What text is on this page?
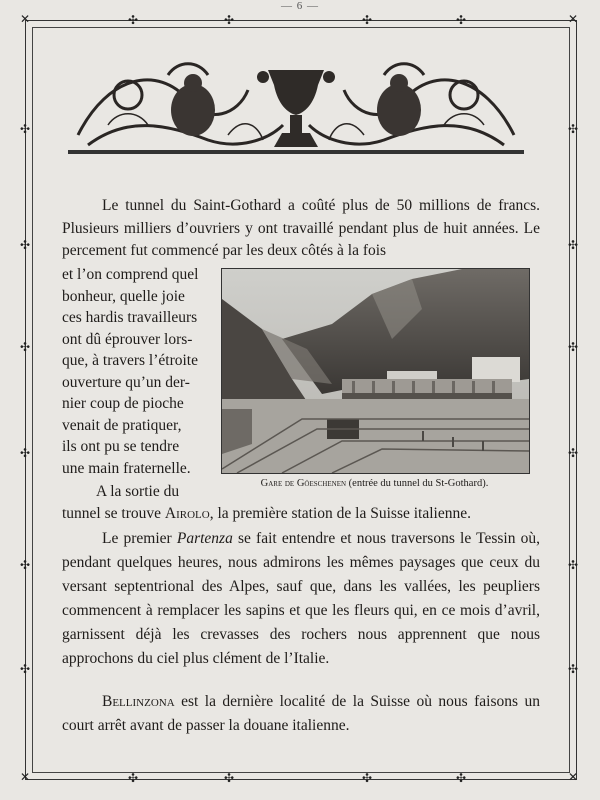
— 6 —
✕	✕
✕	✕
✣	✣	✣	✣
✣	✣	✣	✣
✣
✣
✣
✣
✣
✣
✣
✣
✣
✣
✣
✣
Le tunnel du Saint-Gothard a coûté plus de 50 millions de francs. Plusieurs milliers d’ouvriers y ont travaillé pendant plus de huit années. Le percement fut commencé par les deux côtés à la fois
et l’on comprend quel
bonheur, quelle joie
ces hardis travailleurs
ont dû éprouver lors-
que, à travers l’étroite
ouverture qu’un der-
nier coup de pioche
venait de pratiquer,
ils ont pu se tendre
une main fraternelle.
Gare de Göeschenen (entrée du tunnel du St-Gothard).
A la sortie du
tunnel se trouve Airolo, la première station de la Suisse italienne.
Le premier Partenza se fait entendre et nous traversons le Tessin où, pendant quelques heures, nous admirons les mêmes paysages que ceux du versant septentrional des Alpes, sauf que, dans les vallées, les peupliers commencent à remplacer les sapins et que les fleurs qui, en ce mois d’avril, garnissent déjà les crevasses des rochers nous apprennent que nous approchons du ciel plus clément de l’Italie.
Bellinzona est la dernière localité de la Suisse où nous faisons un court arrêt avant de passer la douane italienne.
